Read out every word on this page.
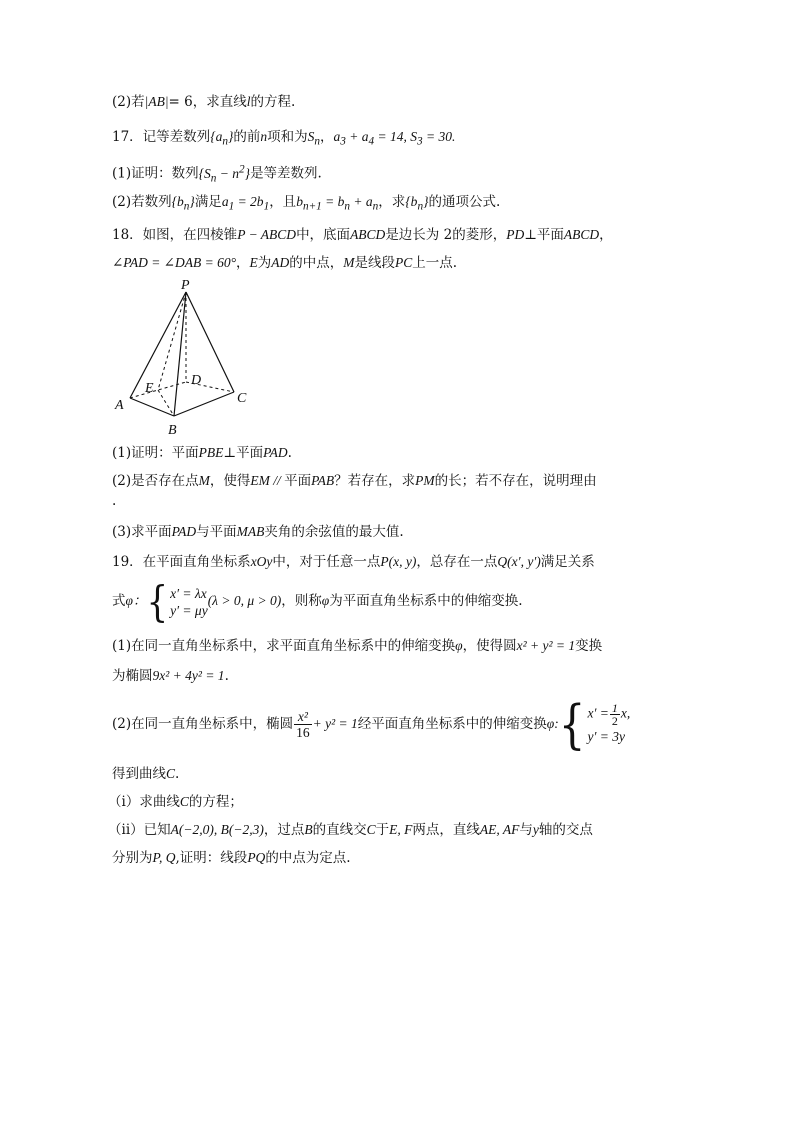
(2)若|AB|= 6，求直线l的方程.
17．记等差数列$\{a_n\}$的前n项和为$S_n$，$a_3 + a_4 = 14$, $S_3 = 30$.
(1)证明：数列$\{S_n - n^2\}$是等差数列.
(2)若数列$\{b_n\}$满足$a_1 = 2b_1$，且$b_{n+1} = b_n + a_n$，求$\{b_n\}$的通项公式.
18．如图，在四棱锥P − ABCD中，底面ABCD是边长为 2的菱形，PD⊥平面ABCD，
∠PAD = ∠DAB = 60°，E为AD的中点，M是线段PC上一点.
P
A
B
C
D
E
(1)证明：平面PBE⊥平面PAD.
(2)是否存在点M，使得EM // 平面PAB？若存在，求PM的长；若不存在，说明理由
.
(3)求平面PAD与平面MAB夹角的余弦值的最大值.
19．在平面直角坐标系xOy中，对于任意一点P(x, y)，总存在一点Q(x′, y′)满足关系
式φ：{ x′ = λx
y′ = μy
(λ > 0, μ > 0)，则称φ为平面直角坐标系中的伸缩变换.
(1)在同一直角坐标系中，求平面直角坐标系中的伸缩变换φ，使得圆x² + y² = 1变换
为椭圆9x² + 4y² = 1.
(2)在同一直角坐标系中，椭圆 $\frac{\text{x²}}{16} + y^2 = 1$经平面直角坐标系中的伸缩变换φ:{ $x' = \frac{1}{2} x$,
y′ = 3y
得到曲线C.
（i）求曲线C的方程；
（ii）已知A(−2,0), B(−2,3)，过点B的直线交C于E, F两点，直线AE, AF与y轴的交点
分别为P, Q,证明：线段PQ的中点为定点.
